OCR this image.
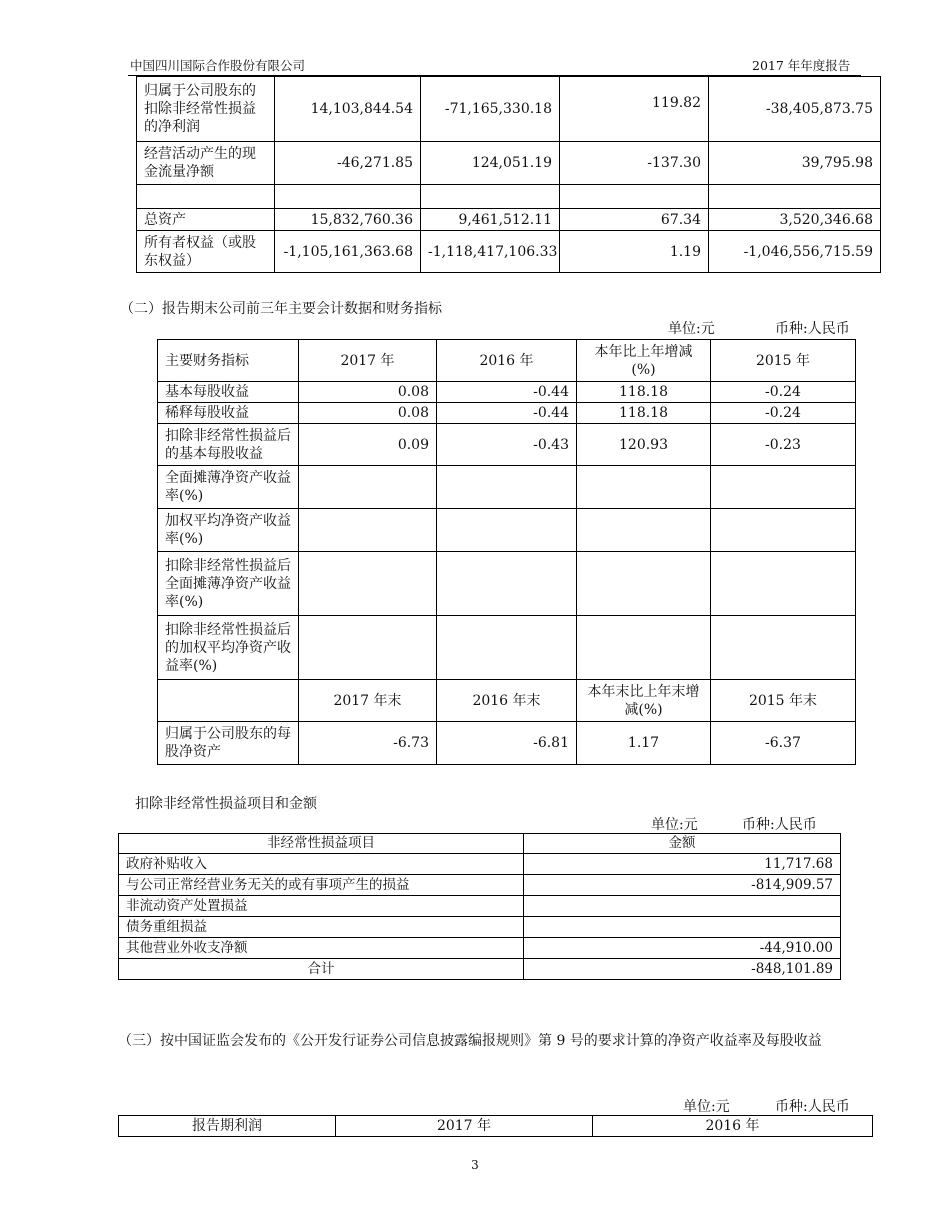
中国四川国际合作股份有限公司	2017 年年度报告
归属于公司股东的扣除非经常性损益的净利润	14,103,844.54	-71,165,330.18	119.82	-38,405,873.75
经营活动产生的现金流量净额	-46,271.85	124,051.19	-137.30	39,795.98

总资产	15,832,760.36	9,461,512.11	67.34	3,520,346.68
所有者权益（或股东权益）	-1,105,161,363.68	-1,118,417,106.33	1.19	-1,046,556,715.59
（二）报告期末公司前三年主要会计数据和财务指标
单位:元	币种:人民币
主要财务指标	2017 年	2016 年	本年比上年增减(%)	2015 年
基本每股收益	0.08	-0.44	118.18	-0.24
稀释每股收益	0.08	-0.44	118.18	-0.24
扣除非经常性损益后的基本每股收益	0.09	-0.43	120.93	-0.23
全面摊薄净资产收益率(%)				
加权平均净资产收益率(%)				
扣除非经常性损益后全面摊薄净资产收益率(%)				
扣除非经常性损益后的加权平均净资产收益率(%)				
	2017 年末	2016 年末	本年末比上年末增减(%)	2015 年末
归属于公司股东的每股净资产	-6.73	-6.81	1.17	-6.37
扣除非经常性损益项目和金额
单位:元	币种:人民币
非经常性损益项目	金额
政府补贴收入	11,717.68
与公司正常经营业务无关的或有事项产生的损益	-814,909.57
非流动资产处置损益	
债务重组损益	
其他营业外收支净额	-44,910.00
合计	-848,101.89
（三）按中国证监会发布的《公开发行证券公司信息披露编报规则》第 9 号的要求计算的净资产收益率及每股收益
单位:元	币种:人民币
报告期利润	2017 年	2016 年
3
